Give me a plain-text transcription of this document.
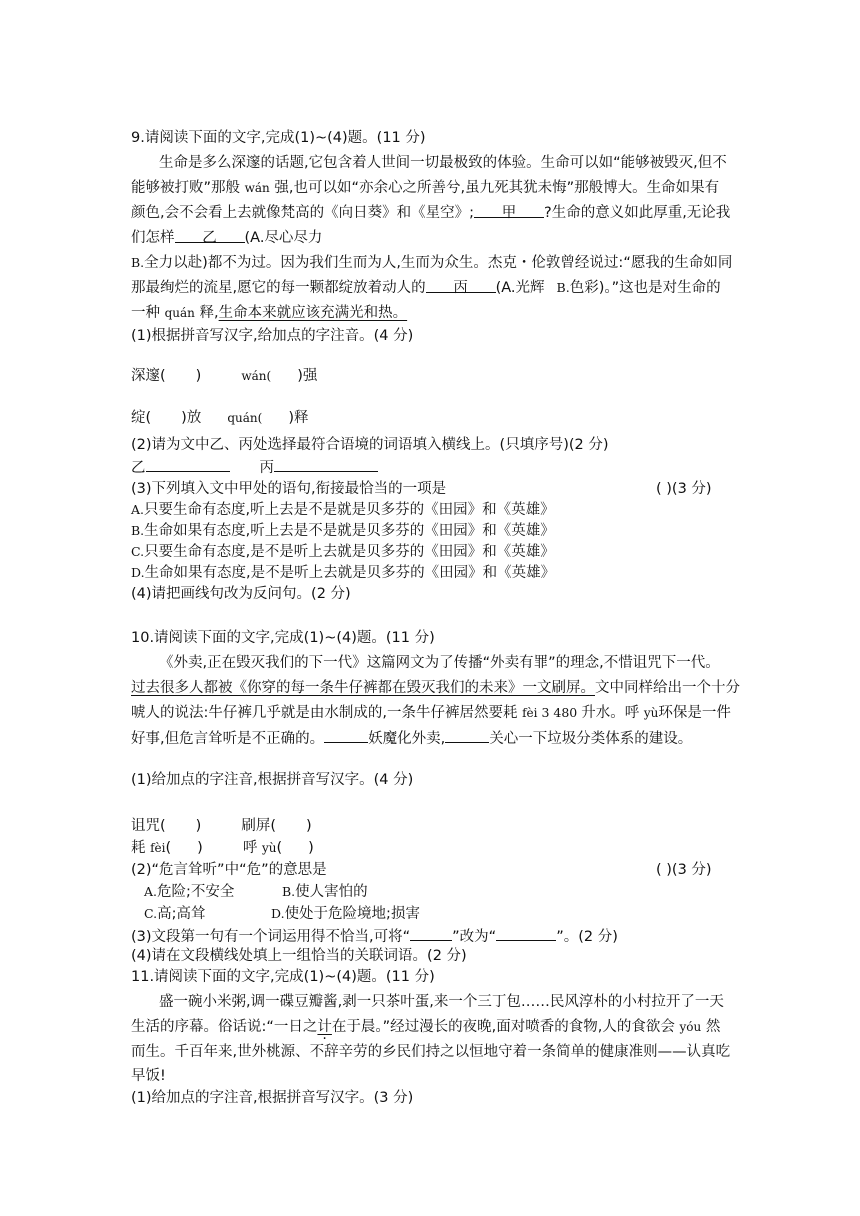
9.请阅读下面的文字,完成(1)~(4)题。(11 分)
生命是多么深邃的话题,它包含着人世间一切最极致的体验。生命可以如“能够被毁灭,但不
能够被打败”那般 wán 强,也可以如“亦余心之所善兮,虽九死其犹未悔”那般博大。生命如果有
颜色,会不会看上去就像梵高的《向日葵》和《星空》; 甲 ?生命的意义如此厚重,无论我
们怎样 乙 (A.尽心尽力
B.全力以赴)都不为过。因为我们生而为人,生而为众生。杰克・伦敦曾经说过:“愿我的生命如同
那最绚烂的流星,愿它的每一颗都绽放着动人的 丙 (A.光辉 B.色彩)。”这也是对生命的
一种 quán 释,生命本来就应该充满光和热。
(1)根据拼音写汉字,给加点的字注音。(4 分)
深邃( )	wán( )强
绽( )放 quán( )释
(2)请为文中乙、丙处选择最符合语境的词语填入横线上。(只填序号)(2 分)
乙	丙
(3)下列填入文中甲处的语句,衔接最恰当的一项是	( )(3 分)
A.只要生命有态度,听上去是不是就是贝多芬的《田园》和《英雄》
B.生命如果有态度,听上去是不是就是贝多芬的《田园》和《英雄》
C.只要生命有态度,是不是听上去就是贝多芬的《田园》和《英雄》
D.生命如果有态度,是不是听上去就是贝多芬的《田园》和《英雄》
(4)请把画线句改为反问句。(2 分)
10.请阅读下面的文字,完成(1)~(4)题。(11 分)
《外卖,正在毁灭我们的下一代》这篇网文为了传播“外卖有罪”的理念,不惜诅咒下一代。
过去很多人都被《你穿的每一条牛仔裤都在毁灭我们的未来》一文刷屏。文中同样给出一个十分
唬人的说法:牛仔裤几乎就是由水制成的,一条牛仔裤居然要耗 fèi 3 480 升水。呼 yù环保是一件
好事,但危言耸听是不正确的。	妖魔化外卖,	关心一下垃圾分类体系的建设。
(1)给加点的字注音,根据拼音写汉字。(4 分)
诅咒( )	刷屏( )
耗 fèi( )	呼 yù( )
(2)“危言耸听”中“危”的意思是	( )(3 分)
A.危险;不安全	B.使人害怕的
C.高;高耸	D.使处于危险境地;损害
(3)文段第一句有一个词运用得不恰当,可将“	”改为“	”。(2 分)
(4)请在文段横线处填上一组恰当的关联词语。(2 分)
11.请阅读下面的文字,完成(1)~(4)题。(11 分)
盛一碗小米粥,调一碟豆瓣酱,剥一只茶叶蛋,来一个三丁包……民风淳朴的小村拉开了一天
生活的序幕。俗话说:“一日之计在于晨。”经过漫长的夜晚,面对喷香的食物,人的食欲会 yóu 然
而生。千百年来,世外桃源、不辞辛劳的乡民们持之以恒地守着一条简单的健康准则——认真吃
早饭!
(1)给加点的字注音,根据拼音写汉字。(3 分)
